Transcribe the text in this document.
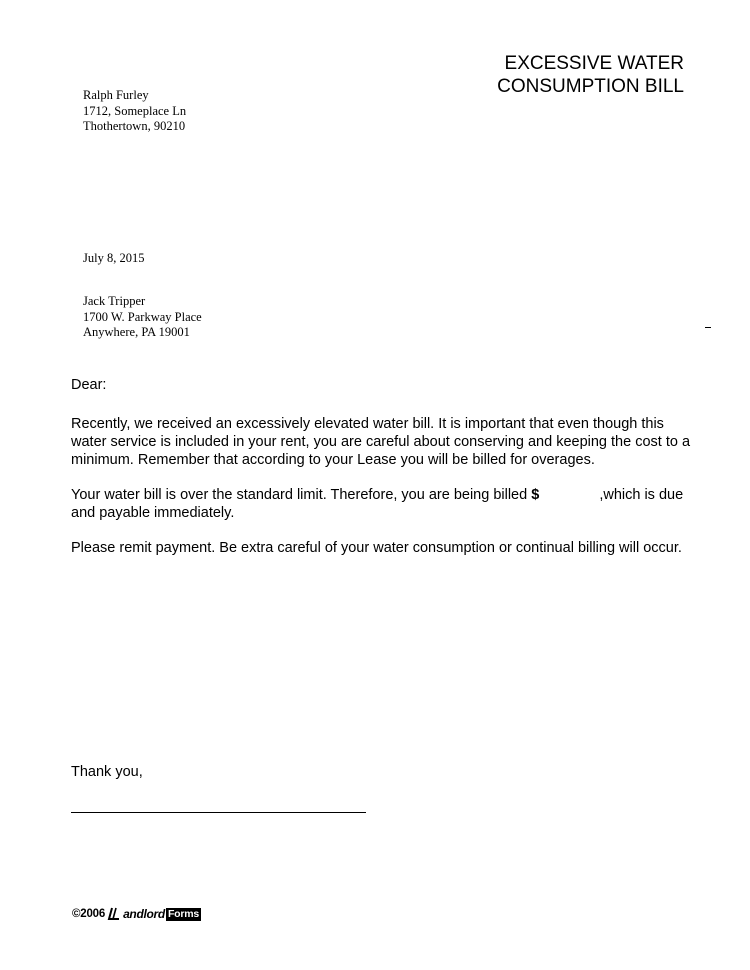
EXCESSIVE WATER
CONSUMPTION BILL
Ralph Furley
1712, Someplace Ln
Thothertown, 90210
July 8, 2015
Jack Tripper
1700 W. Parkway Place
Anywhere, PA 19001

Dear:

Recently, we received an excessively elevated water bill. It is important that even though this water service is included in your rent, you are careful about conserving and keeping the cost to a minimum. Remember that according to your Lease you will be billed for overages.

Your water bill is over the standard limit. Therefore, you are being billed $	,which is due and payable immediately.

Please remit payment. Be extra careful of your water consumption or continual billing will occur.

Thank you,
©2006 andlord Forms
